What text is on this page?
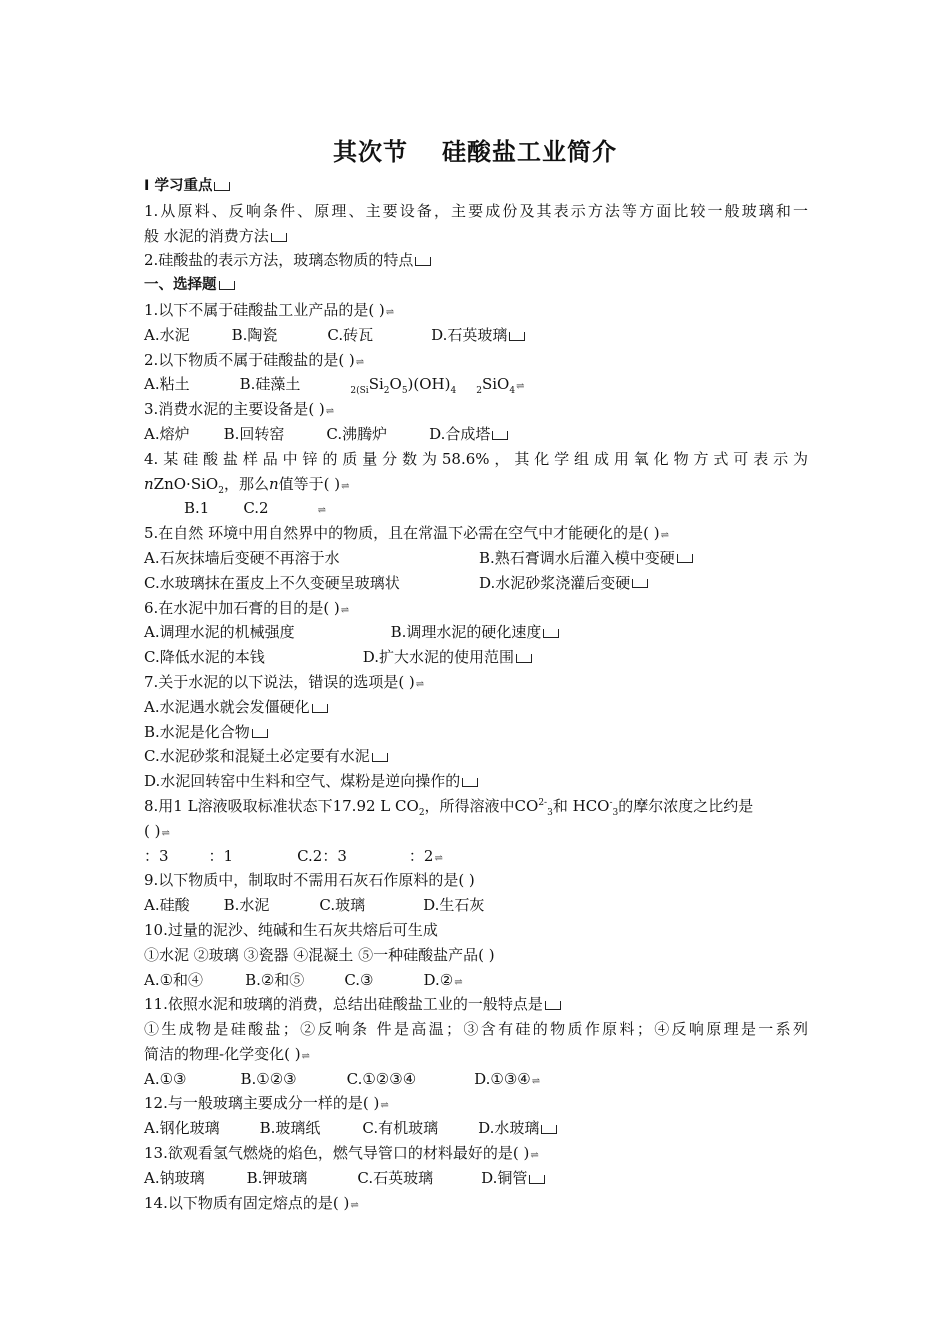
其次节 硅酸盐工业简介
Ⅰ 学习重点
1.从原料、反响条件、原理、主要设备，主要成份及其表示方法等方面比较一般玻璃和一
般 水泥的消费方法
2.硅酸盐的表示方法，玻璃态物质的特点
一、选择题
1.以下不属于硅酸盐工业产品的是( )⇌
A.水泥	B.陶瓷	C.砖瓦	D.石英玻璃
2.以下物质不属于硅酸盐的是( )⇌
A.粘土	B.硅藻土	$_{2(Si}Si_2O_5)(OH)_4$ $_2$SiO$_4$⇌
3.消费水泥的主要设备是( )⇌
A.熔炉 B.回转窑	C.沸腾炉	D.合成塔
4.某硅酸盐样品中锌的质量分数为58.6%，其化学组成用氧化物方式可表示为
nZnO·SiO$_2$，那么n值等于( )⇌
B.1 C.2	⇌
5.在自然 环境中用自然界中的物质，且在常温下必需在空气中才能硬化的是( )⇌
A.石灰抹墙后变硬不再溶于水	B.熟石膏调水后灌入模中变硬
C.水玻璃抹在蛋皮上不久变硬呈玻璃状	D.水泥砂浆浇灌后变硬
6.在水泥中加石膏的目的是( )⇌
A.调理水泥的机械强度	B.调理水泥的硬化速度
C.降低水泥的本钱	D.扩大水泥的使用范围
7.关于水泥的以下说法，错误的选项是( )⇌
A.水泥遇水就会发僵硬化
B.水泥是化合物
C.水泥砂浆和混疑土必定要有水泥
D.水泥回转窑中生料和空气、煤粉是逆向操作的
8.用1 L溶液吸取标准状态下17.92 L $CO_2$，所得溶液中$CO^{2-}_3$和 $HCO^-_3$的摩尔浓度之比约是
( )⇌
：3	：1	C.2：3	：2⇌
9.以下物质中，制取时不需用石灰石作原料的是( )
A.硅酸 B.水泥	C.玻璃	D.生石灰
10.过量的泥沙、纯碱和生石灰共熔后可生成
①水泥 ②玻璃 ③瓷器 ④混凝土 ⑤一种硅酸盐产品( )
A.①和④	B.②和⑤	C.③	D.②⇌
11.依照水泥和玻璃的消费，总结出硅酸盐工业的一般特点是
①生成物是硅酸盐；②反响条 件是高温；③含有硅的物质作原料；④反响原理是一系列
简洁的物理-化学变化( )⇌
A.①③	B.①②③	C.①②③④	D.①③④⇌
12.与一般玻璃主要成分一样的是( )⇌
A.钢化玻璃	B.玻璃纸	C.有机玻璃	D.水玻璃
13.欲观看氢气燃烧的焰色，燃气导管口的材料最好的是( )⇌
A.钠玻璃	B.钾玻璃	C.石英玻璃	D.铜管
14.以下物质有固定熔点的是( )⇌
